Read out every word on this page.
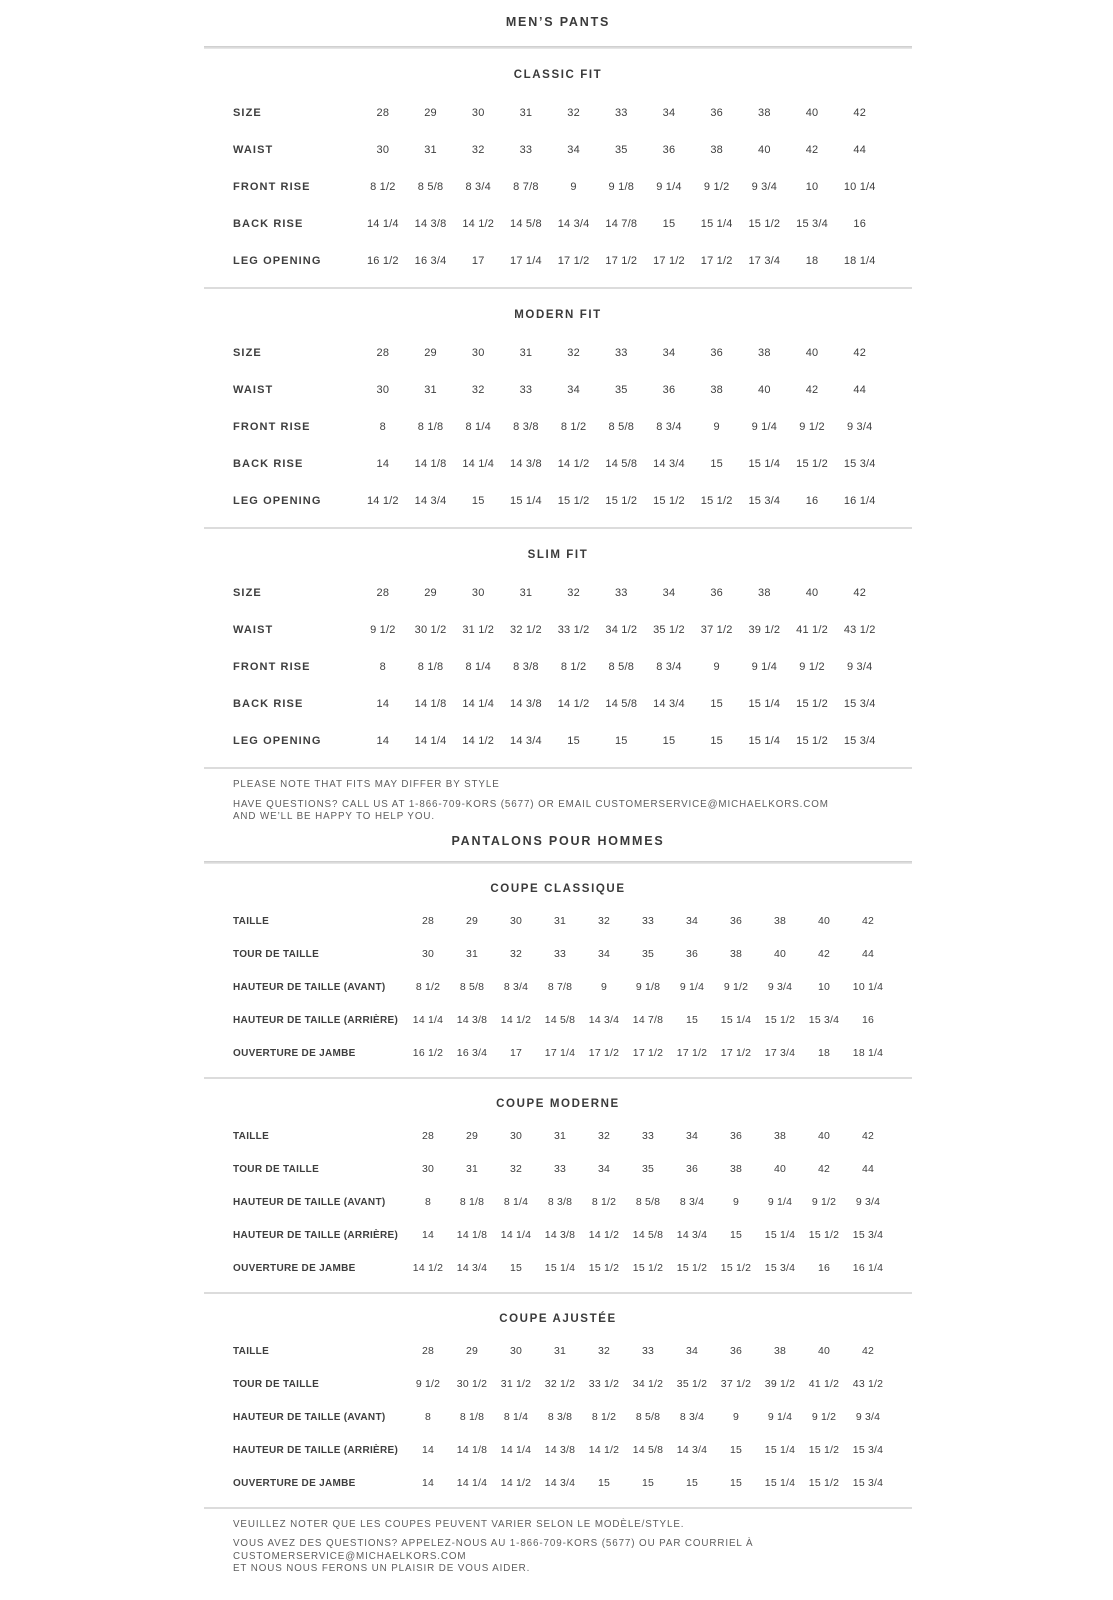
MEN’S PANTS
CLASSIC FIT
SIZE	28	29	30	31	32	33	34	36	38	40	42
WAIST	30	31	32	33	34	35	36	38	40	42	44
FRONT RISE	8 1/2	8 5/8	8 3/4	8 7/8	9	9 1/8	9 1/4	9 1/2	9 3/4	10	10 1/4
BACK RISE	14 1/4	14 3/8	14 1/2	14 5/8	14 3/4	14 7/8	15	15 1/4	15 1/2	15 3/4	16
LEG OPENING	16 1/2	16 3/4	17	17 1/4	17 1/2	17 1/2	17 1/2	17 1/2	17 3/4	18	18 1/4
MODERN FIT
SIZE	28	29	30	31	32	33	34	36	38	40	42
WAIST	30	31	32	33	34	35	36	38	40	42	44
FRONT RISE	8	8 1/8	8 1/4	8 3/8	8 1/2	8 5/8	8 3/4	9	9 1/4	9 1/2	9 3/4
BACK RISE	14	14 1/8	14 1/4	14 3/8	14 1/2	14 5/8	14 3/4	15	15 1/4	15 1/2	15 3/4
LEG OPENING	14 1/2	14 3/4	15	15 1/4	15 1/2	15 1/2	15 1/2	15 1/2	15 3/4	16	16 1/4
SLIM FIT
SIZE	28	29	30	31	32	33	34	36	38	40	42
WAIST	9 1/2	30 1/2	31 1/2	32 1/2	33 1/2	34 1/2	35 1/2	37 1/2	39 1/2	41 1/2	43 1/2
FRONT RISE	8	8 1/8	8 1/4	8 3/8	8 1/2	8 5/8	8 3/4	9	9 1/4	9 1/2	9 3/4
BACK RISE	14	14 1/8	14 1/4	14 3/8	14 1/2	14 5/8	14 3/4	15	15 1/4	15 1/2	15 3/4
LEG OPENING	14	14 1/4	14 1/2	14 3/4	15	15	15	15	15 1/4	15 1/2	15 3/4

PLEASE NOTE THAT FITS MAY DIFFER BY STYLE

HAVE QUESTIONS? CALL US AT 1-866-709-KORS (5677) OR EMAIL CUSTOMERSERVICE@MICHAELKORS.COM
AND WE’LL BE HAPPY TO HELP YOU.

PANTALONS POUR HOMMES
COUPE CLASSIQUE
TAILLE	28	29	30	31	32	33	34	36	38	40	42
TOUR DE TAILLE	30	31	32	33	34	35	36	38	40	42	44
HAUTEUR DE TAILLE (AVANT)	8 1/2	8 5/8	8 3/4	8 7/8	9	9 1/8	9 1/4	9 1/2	9 3/4	10	10 1/4
HAUTEUR DE TAILLE (ARRIÈRE)	14 1/4	14 3/8	14 1/2	14 5/8	14 3/4	14 7/8	15	15 1/4	15 1/2	15 3/4	16
OUVERTURE DE JAMBE	16 1/2	16 3/4	17	17 1/4	17 1/2	17 1/2	17 1/2	17 1/2	17 3/4	18	18 1/4
COUPE MODERNE
TAILLE	28	29	30	31	32	33	34	36	38	40	42
TOUR DE TAILLE	30	31	32	33	34	35	36	38	40	42	44
HAUTEUR DE TAILLE (AVANT)	8	8 1/8	8 1/4	8 3/8	8 1/2	8 5/8	8 3/4	9	9 1/4	9 1/2	9 3/4
HAUTEUR DE TAILLE (ARRIÈRE)	14	14 1/8	14 1/4	14 3/8	14 1/2	14 5/8	14 3/4	15	15 1/4	15 1/2	15 3/4
OUVERTURE DE JAMBE	14 1/2	14 3/4	15	15 1/4	15 1/2	15 1/2	15 1/2	15 1/2	15 3/4	16	16 1/4
COUPE AJUSTÉE
TAILLE	28	29	30	31	32	33	34	36	38	40	42
TOUR DE TAILLE	9 1/2	30 1/2	31 1/2	32 1/2	33 1/2	34 1/2	35 1/2	37 1/2	39 1/2	41 1/2	43 1/2
HAUTEUR DE TAILLE (AVANT)	8	8 1/8	8 1/4	8 3/8	8 1/2	8 5/8	8 3/4	9	9 1/4	9 1/2	9 3/4
HAUTEUR DE TAILLE (ARRIÈRE)	14	14 1/8	14 1/4	14 3/8	14 1/2	14 5/8	14 3/4	15	15 1/4	15 1/2	15 3/4
OUVERTURE DE JAMBE	14	14 1/4	14 1/2	14 3/4	15	15	15	15	15 1/4	15 1/2	15 3/4

VEUILLEZ NOTER QUE LES COUPES PEUVENT VARIER SELON LE MODÈLE/STYLE.

VOUS AVEZ DES QUESTIONS? APPELEZ-NOUS AU 1-866-709-KORS (5677) OU PAR COURRIEL À CUSTOMERSERVICE@MICHAELKORS.COM
ET NOUS NOUS FERONS UN PLAISIR DE VOUS AIDER.
